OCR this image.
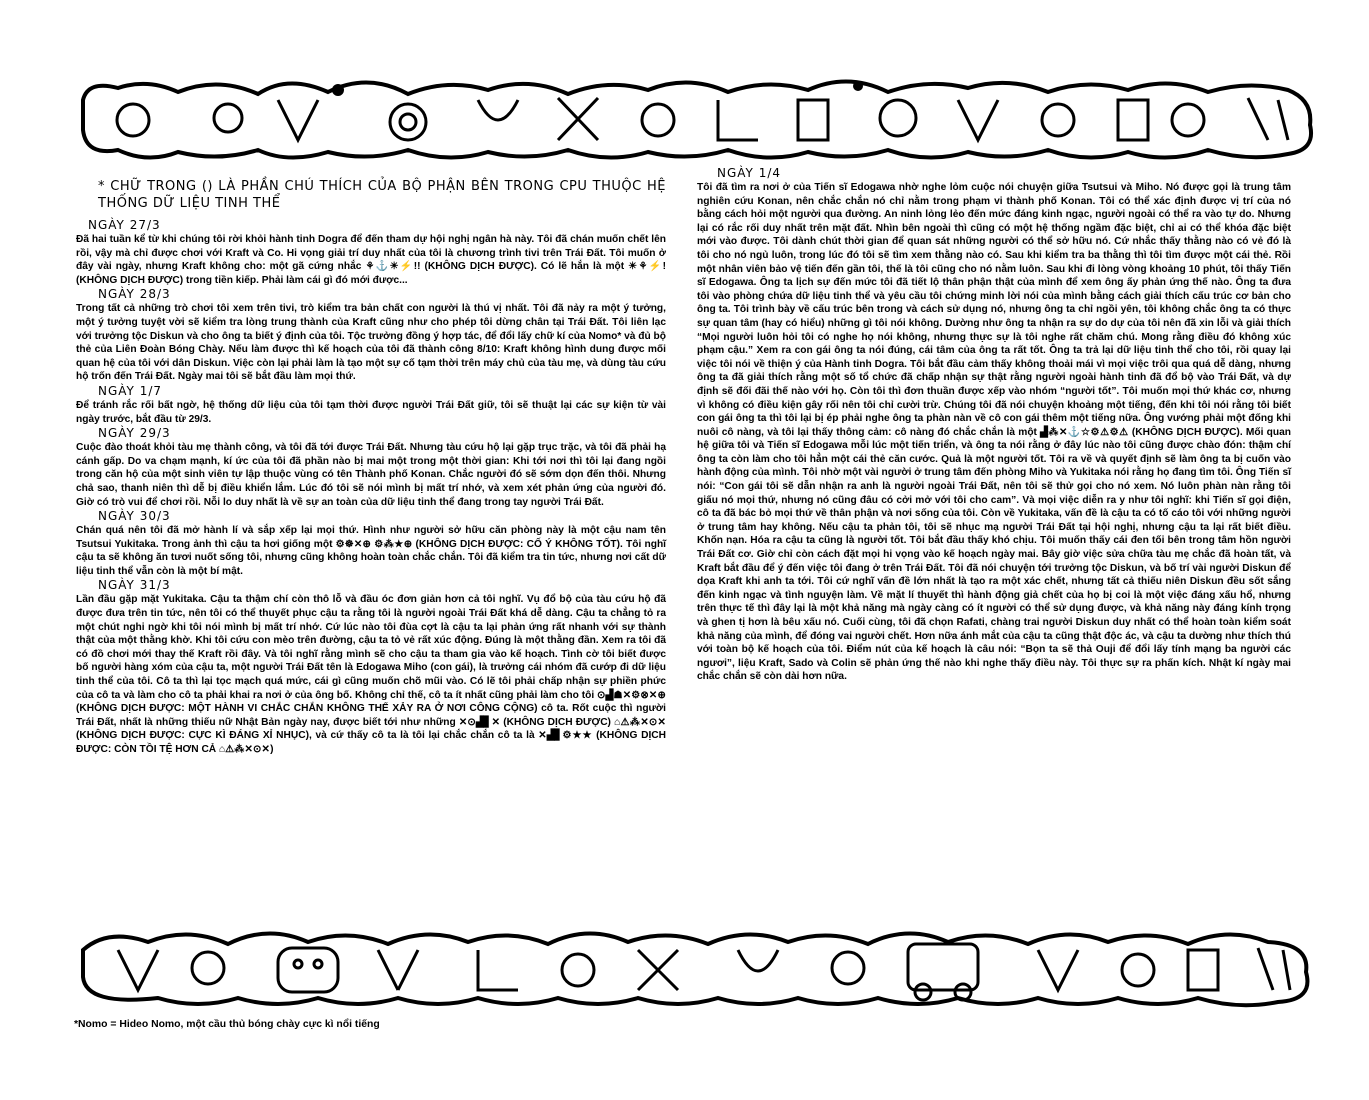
* CHỮ TRONG () LÀ PHẦN CHÚ THÍCH CỦA BỘ PHẬN BÊN TRONG CPU THUỘC HỆ THỐNG DỮ LIỆU TINH THỂ
NGÀY 27/3

Đã hai tuần kể từ khi chúng tôi rời khỏi hành tinh Dogra để đến tham dự hội nghị ngân hà này. Tôi đã chán muốn chết lên rồi, vậy mà chỉ được chơi với Kraft và Co. Hi vọng giải trí duy nhất của tôi là chương trình tivi trên Trái Đất. Tôi muốn ở đây vài ngày, nhưng Kraft không cho: một gã cứng nhắc ⚘⚓☀⚡!! (KHÔNG DỊCH ĐƯỢC). Có lẽ hắn là một ☀⚘⚡! (KHÔNG DỊCH ĐƯỢC) trong tiền kiếp. Phải làm cái gì đó mới được...

NGÀY 28/3

Trong tất cả những trò chơi tôi xem trên tivi, trò kiểm tra bản chất con người là thú vị nhất. Tôi đã nảy ra một ý tưởng, một ý tưởng tuyệt vời sẽ kiểm tra lòng trung thành của Kraft cũng như cho phép tôi dừng chân tại Trái Đất. Tôi liên lạc với trưởng tộc Diskun và cho ông ta biết ý định của tôi. Tộc trưởng đồng ý hợp tác, để đổi lấy chữ kí của Nomo* và đủ bộ thẻ của Liên Đoàn Bóng Chày. Nếu làm được thì kế hoạch của tôi đã thành công 8/10: Kraft không hình dung được mối quan hệ của tôi với dân Diskun. Việc còn lại phải làm là tạo một sự cố tạm thời trên máy chủ của tàu mẹ, và dùng tàu cứu hộ trốn đến Trái Đất. Ngày mai tôi sẽ bắt đầu làm mọi thứ.

NGÀY 1/7

Để tránh rắc rối bất ngờ, hệ thống dữ liệu của tôi tạm thời được người Trái Đất giữ, tôi sẽ thuật lại các sự kiện từ vài ngày trước, bắt đầu từ 29/3.

NGÀY 29/3

Cuộc đào thoát khỏi tàu mẹ thành công, và tôi đã tới được Trái Đất. Nhưng tàu cứu hộ lại gặp trục trặc, và tôi đã phải hạ cánh gấp. Do va chạm mạnh, kí ức của tôi đã phần nào bị mai một trong một thời gian: Khi tới nơi thì tôi lại đang ngồi trong căn hộ của một sinh viên tự lập thuộc vùng có tên Thành phố Konan. Chắc người đó sẽ sớm dọn đến thôi. Nhưng chả sao, thanh niên thì dễ bị điều khiển lắm. Lúc đó tôi sẽ nói mình bị mất trí nhớ, và xem xét phản ứng của người đó. Giờ có trò vui để chơi rồi. Nỗi lo duy nhất là về sự an toàn của dữ liệu tinh thể đang trong tay người Trái Đất.

NGÀY 30/3

Chán quá nên tôi đã mở hành lí và sắp xếp lại mọi thứ. Hình như người sở hữu căn phòng này là một cậu nam tên Tsutsui Yukitaka. Trong ảnh thì cậu ta hơi giống một ⚙☸✕⊕ ⚙⁂★⊕ (KHÔNG DỊCH ĐƯỢC: CỐ Ý KHÔNG TỐT). Tôi nghĩ cậu ta sẽ không ăn tươi nuốt sống tôi, nhưng cũng không hoàn toàn chắc chắn. Tôi đã kiểm tra tin tức, nhưng nơi cất dữ liệu tinh thể vẫn còn là một bí mật.

NGÀY 31/3

Lần đầu gặp mặt Yukitaka. Cậu ta thậm chí còn thô lỗ và đầu óc đơn giản hơn cả tôi nghĩ. Vụ đổ bộ của tàu cứu hộ đã được đưa trên tin tức, nên tôi có thể thuyết phục cậu ta rằng tôi là người ngoài Trái Đất khá dễ dàng. Cậu ta chẳng tỏ ra một chút nghi ngờ khi tôi nói mình bị mất trí nhớ. Cứ lúc nào tôi đùa cợt là cậu ta lại phản ứng rất nhanh với sự thành thật của một thằng khờ. Khi tôi cứu con mèo trên đường, cậu ta tỏ vẻ rất xúc động. Đúng là một thằng đần. Xem ra tôi đã có đồ chơi mới thay thế Kraft rồi đây. Và tôi nghĩ rằng mình sẽ cho cậu ta tham gia vào kế hoạch. Tình cờ tôi biết được bố người hàng xóm của cậu ta, một người Trái Đất tên là Edogawa Miho (con gái), là trưởng cái nhóm đã cướp đi dữ liệu tinh thể của tôi. Cô ta thì lại tọc mạch quá mức, cái gì cũng muốn chõ mũi vào. Có lẽ tôi phải chấp nhận sự phiền phức của cô ta và làm cho cô ta phải khai ra nơi ở của ông bố. Không chỉ thế, cô ta ít nhất cũng phải làm cho tôi ⊙▟☗✕⚙⊗✕⊕ (KHÔNG DỊCH ĐƯỢC: MỘT HÀNH VI CHẮC CHẮN KHÔNG THỂ XẢY RA Ở NƠI CÔNG CỘNG) cô ta. Rốt cuộc thì người Trái Đất, nhất là những thiếu nữ Nhật Bản ngày nay, được biết tới như những ✕⊙▟▋✕ (KHÔNG DỊCH ĐƯỢC) ⌂⚠⁂✕⊙✕ (KHÔNG DỊCH ĐƯỢC: CỰC KÌ ĐÁNG XỈ NHỤC), và cứ thấy cô ta là tôi lại chắc chắn cô ta là ✕▟▋⚙★★ (KHÔNG DỊCH ĐƯỢC: CÒN TỒI TỆ HƠN CẢ ⌂⚠⁂✕⊙✕)

NGÀY 1/4

Tôi đã tìm ra nơi ở của Tiến sĩ Edogawa nhờ nghe lỏm cuộc nói chuyện giữa Tsutsui và Miho. Nó được gọi là trung tâm nghiên cứu Konan, nên chắc chắn nó chỉ nằm trong phạm vi thành phố Konan. Tôi có thể xác định được vị trí của nó bằng cách hỏi một người qua đường. An ninh lỏng lẻo đến mức đáng kinh ngạc, người ngoài có thể ra vào tự do. Nhưng lại có rắc rối duy nhất trên mặt đất. Nhìn bên ngoài thì cũng có một hệ thống ngầm đặc biệt, chỉ ai có thể khóa đặc biệt mới vào được. Tôi dành chút thời gian để quan sát những người có thể sở hữu nó. Cứ nhắc thấy thằng nào có vẻ đó là tôi cho nó ngủ luôn, trong lúc đó tôi sẽ tìm xem thằng nào có. Sau khi kiểm tra ba thằng thì tôi tìm được một cái thẻ. Rồi một nhân viên bảo vệ tiến đến gần tôi, thế là tôi cũng cho nó nằm luôn. Sau khi đi lòng vòng khoảng 10 phút, tôi thấy Tiến sĩ Edogawa. Ông ta lịch sự đến mức tôi đã tiết lộ thân phận thật của mình để xem ông ấy phản ứng thế nào. Ông ta đưa tôi vào phòng chứa dữ liệu tinh thể và yêu cầu tôi chứng minh lời nói của mình bằng cách giải thích cấu trúc cơ bản cho ông ta. Tôi trình bày về cấu trúc bên trong và cách sử dụng nó, nhưng ông ta chỉ ngồi yên, tôi không chắc ông ta có thực sự quan tâm (hay có hiểu) những gì tôi nói không. Dường như ông ta nhận ra sự do dự của tôi nên đã xin lỗi và giải thích “Mọi người luôn hỏi tôi có nghe họ nói không, nhưng thực sự là tôi nghe rất chăm chú. Mong rằng điều đó không xúc phạm cậu.” Xem ra con gái ông ta nói đúng, cái tâm của ông ta rất tốt. Ông ta trả lại dữ liệu tinh thể cho tôi, rồi quay lại việc tôi nói về thiện ý của Hành tinh Dogra. Tôi bắt đầu cảm thấy không thoải mái vì mọi việc trôi qua quá dễ dàng, nhưng ông ta đã giải thích rằng một số tổ chức đã chấp nhận sự thật rằng người ngoài hành tinh đã đổ bộ vào Trái Đất, và dự định sẽ đối đãi thế nào với họ. Còn tôi thì đơn thuần được xếp vào nhóm “người tốt”. Tôi muốn mọi thứ khác cơ, nhưng vì không có điều kiện gây rối nên tôi chỉ cười trừ. Chúng tôi đã nói chuyện khoảng một tiếng, đến khi tôi nói rằng tôi biết con gái ông ta thì tôi lại bị ép phải nghe ông ta phàn nàn về cô con gái thêm một tiếng nữa. Ông vướng phải một đống khi nuôi cô nàng, và tôi lại thấy thông cảm: cô nàng đó chắc chắn là một ▟⁂✕⚓☆⚙⚠⚙⚠ (KHÔNG DỊCH ĐƯỢC). Mối quan hệ giữa tôi và Tiến sĩ Edogawa mỗi lúc một tiến triển, và ông ta nói rằng ở đây lúc nào tôi cũng được chào đón: thậm chí ông ta còn làm cho tôi hẳn một cái thẻ căn cước. Quả là một người tốt. Tôi ra về và quyết định sẽ làm ông ta bị cuốn vào hành động của mình. Tôi nhờ một vài người ở trung tâm đến phòng Miho và Yukitaka nói rằng họ đang tìm tôi. Ông Tiến sĩ nói: “Con gái tôi sẽ dẫn nhận ra anh là người ngoài Trái Đất, nên tôi sẽ thử gọi cho nó xem. Nó luôn phàn nàn rằng tôi giấu nó mọi thứ, nhưng nó cũng đâu có cởi mở với tôi cho cam”. Và mọi việc diễn ra y như tôi nghĩ: khi Tiến sĩ gọi điện, cô ta đã bác bỏ mọi thứ về thân phận và nơi sống của tôi. Còn về Yukitaka, vấn đề là cậu ta có tố cáo tôi với những người ở trung tâm hay không. Nếu cậu ta phản tôi, tôi sẽ nhục mạ người Trái Đất tại hội nghị, nhưng cậu ta lại rất biết điều. Khốn nạn. Hóa ra cậu ta cũng là người tốt. Tôi bắt đầu thấy khó chịu. Tôi muốn thấy cái đen tối bên trong tâm hồn người Trái Đất cơ. Giờ chỉ còn cách đặt mọi hi vọng vào kế hoạch ngày mai. Bây giờ việc sửa chữa tàu mẹ chắc đã hoàn tất, và Kraft bắt đầu để ý đến việc tôi đang ở trên Trái Đất. Tôi đã nói chuyện tới trưởng tộc Diskun, và bố trí vài người Diskun để dọa Kraft khi anh ta tới. Tôi cứ nghĩ vấn đề lớn nhất là tạo ra một xác chết, nhưng tất cả thiếu niên Diskun đều sốt sắng đến kinh ngạc và tình nguyện làm. Về mặt lí thuyết thì hành động giả chết của họ bị coi là một việc đáng xấu hổ, nhưng trên thực tế thì đây lại là một khả năng mà ngày càng có ít người có thể sử dụng được, và khả năng này đáng kính trọng và ghen tị hơn là bêu xấu nó. Cuối cùng, tôi đã chọn Rafati, chàng trai người Diskun duy nhất có thể hoàn toàn kiểm soát khả năng của mình, để đóng vai người chết. Hơn nữa ánh mắt của cậu ta cũng thật độc ác, và cậu ta dường như thích thú với toàn bộ kế hoạch của tôi. Điểm nút của kế hoạch là câu nói: “Bọn ta sẽ thả Ouji để đổi lấy tính mạng ba người các ngươi”, liệu Kraft, Sado và Colin sẽ phản ứng thế nào khi nghe thấy điều này. Tôi thực sự ra phấn kích. Nhật kí ngày mai chắc chắn sẽ còn dài hơn nữa.

*Nomo = Hideo Nomo, một cầu thủ bóng chày cực kì nổi tiếng
